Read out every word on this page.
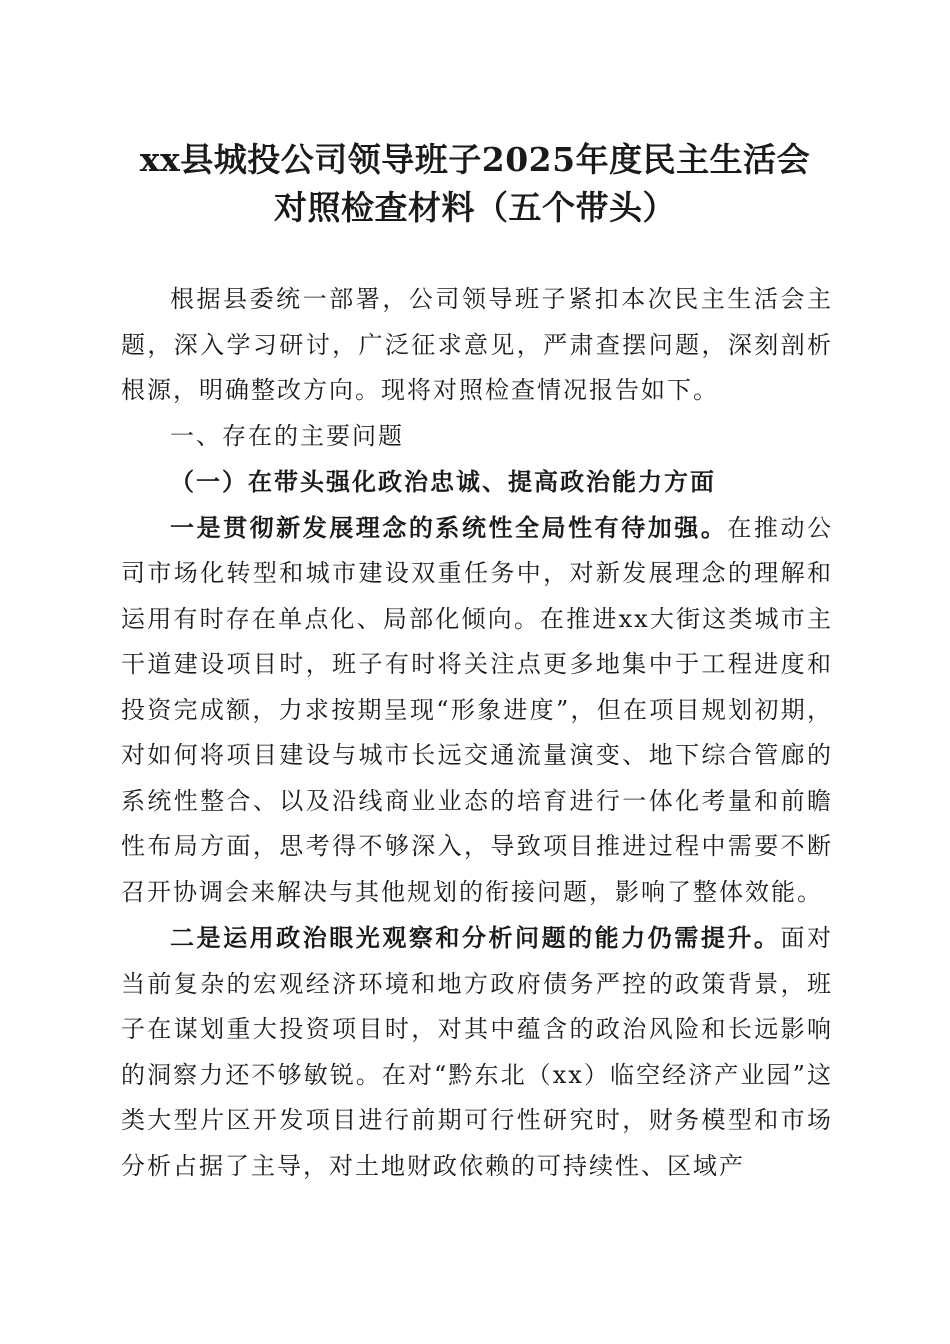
xx县城投公司领导班子2025年度民主生活会
对照检查材料（五个带头）

根据县委统一部署，公司领导班子紧扣本次民主生活会主题，深入学习研讨，广泛征求意见，严肃查摆问题，深刻剖析根源，明确整改方向。现将对照检查情况报告如下。

一、存在的主要问题

（一）在带头强化政治忠诚、提高政治能力方面

一是贯彻新发展理念的系统性全局性有待加强。在推动公司市场化转型和城市建设双重任务中，对新发展理念的理解和运用有时存在单点化、局部化倾向。在推进xx大街这类城市主干道建设项目时，班子有时将关注点更多地集中于工程进度和投资完成额，力求按期呈现“形象进度”，但在项目规划初期，对如何将项目建设与城市长远交通流量演变、地下综合管廊的系统性整合、以及沿线商业业态的培育进行一体化考量和前瞻性布局方面，思考得不够深入，导致项目推进过程中需要不断召开协调会来解决与其他规划的衔接问题，影响了整体效能。

二是运用政治眼光观察和分析问题的能力仍需提升。面对当前复杂的宏观经济环境和地方政府债务严控的政策背景，班子在谋划重大投资项目时，对其中蕴含的政治风险和长远影响的洞察力还不够敏锐。在对“黔东北（xx）临空经济产业园”这类大型片区开发项目进行前期可行性研究时，财务模型和市场分析占据了主导，对土地财政依赖的可持续性、区域产
